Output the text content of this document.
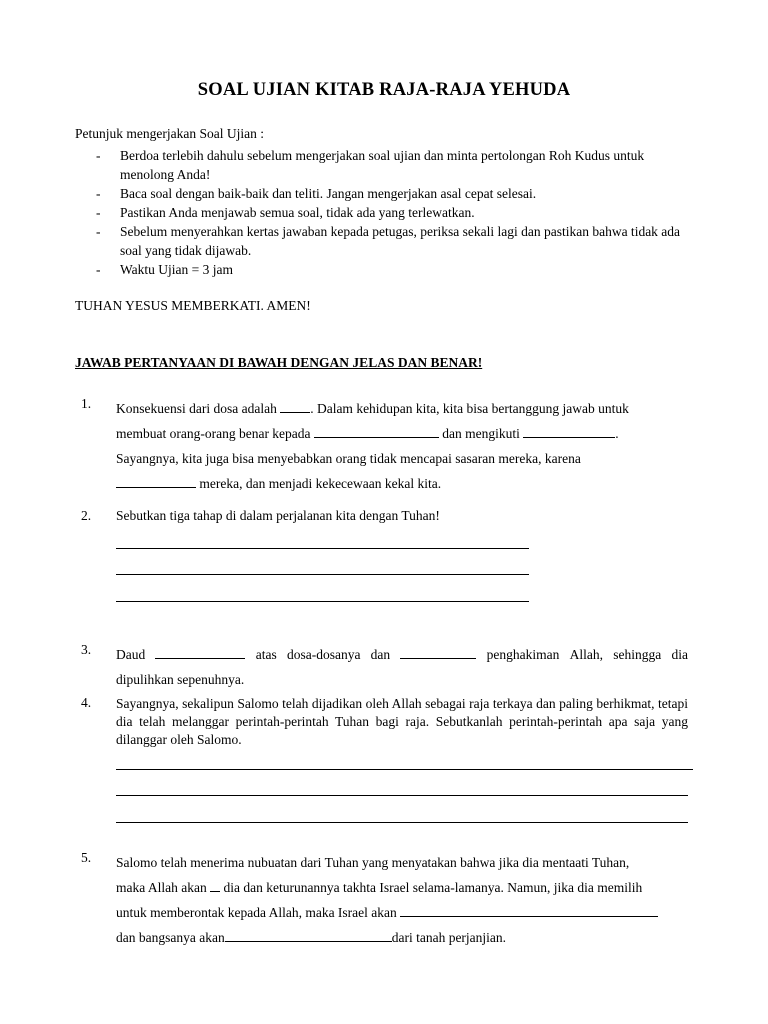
SOAL UJIAN KITAB RAJA-RAJA YEHUDA
Petunjuk mengerjakan Soal Ujian :
- Berdoa terlebih dahulu sebelum mengerjakan soal ujian dan minta pertolongan Roh Kudus untuk menolong Anda!
- Baca soal dengan baik-baik dan teliti. Jangan mengerjakan asal cepat selesai.
- Pastikan Anda menjawab semua soal, tidak ada yang terlewatkan.
- Sebelum menyerahkan kertas jawaban kepada petugas, periksa sekali lagi dan pastikan bahwa tidak ada soal yang tidak dijawab.
- Waktu Ujian = 3 jam
TUHAN YESUS MEMBERKATI. AMEN!
JAWAB PERTANYAAN DI BAWAH DENGAN JELAS DAN BENAR!
1. Konsekuensi dari dosa adalah . Dalam kehidupan kita, kita bisa bertanggung jawab untuk
membuat orang-orang benar kepada	dan mengikuti	.
Sayangnya, kita juga bisa menyebabkan orang tidak mencapai sasaran mereka, karena
mereka, dan menjadi kekecewaan kekal kita.
2. Sebutkan tiga tahap di dalam perjalanan kita dengan Tuhan!
3. Daud	atas dosa-dosanya dan	penghakiman Allah, sehingga dia
dipulihkan sepenuhnya.
4. Sayangnya, sekalipun Salomo telah dijadikan oleh Allah sebagai raja terkaya dan paling berhikmat, tetapi dia telah melanggar perintah-perintah Tuhan bagi raja. Sebutkanlah perintah-perintah apa saja yang dilanggar oleh Salomo.
5. Salomo telah menerima nubuatan dari Tuhan yang menyatakan bahwa jika dia mentaati Tuhan,
maka Allah akan dia dan keturunannya takhta Israel selama-lamanya. Namun, jika dia memilih
untuk memberontak kepada Allah, maka Israel akan
dan bangsanya akan	dari tanah perjanjian.
